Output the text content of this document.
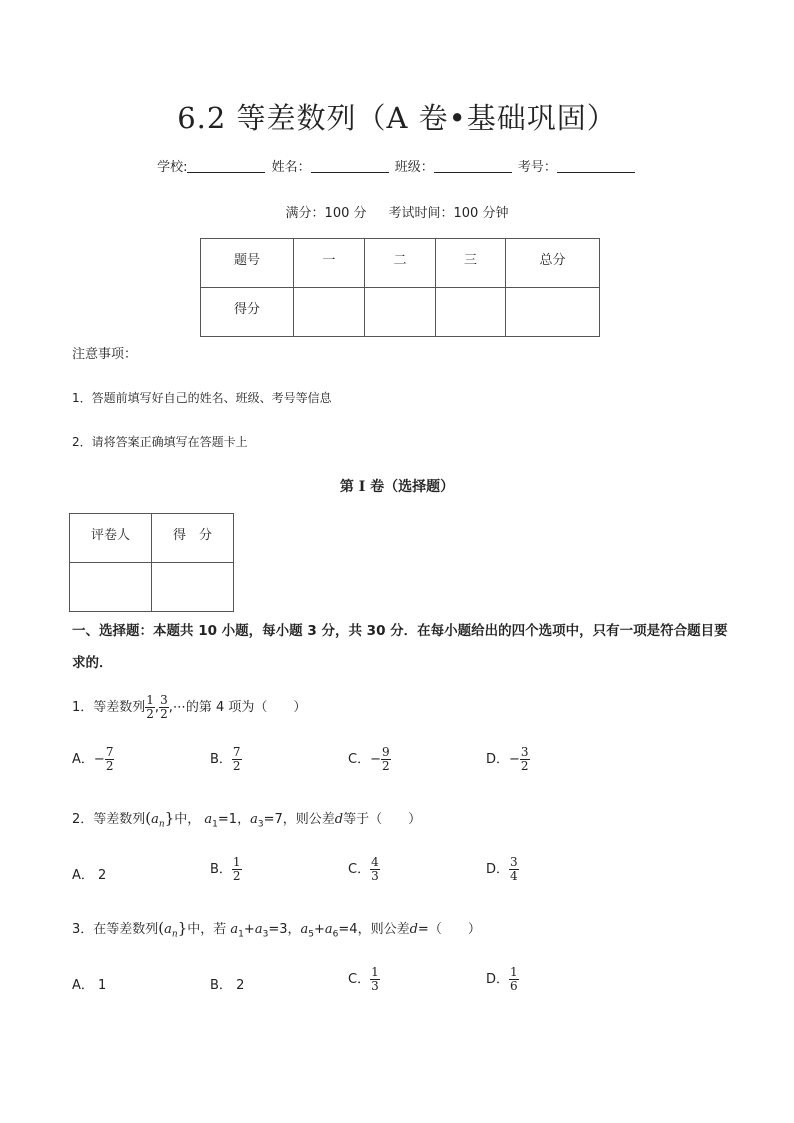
6.2 等差数列（A 卷•基础巩固）
学校:	姓名：	班级：	考号：
满分：100 分 考试时间：100 分钟
题号	一	二	三	总分
得分				
注意事项：
1．答题前填写好自己的姓名、班级、考号等信息
2．请将答案正确填写在答题卡上
第 I 卷（选择题）
评卷人	得　分

一、选择题：本题共 10 小题，每小题 3 分，共 30 分．在每小题给出的四个选项中，只有一项是符合题目要求的．
1．等差数列 $\frac{1}{2}$ , $\frac{3}{2}$ ,⋯的第 4 项为（　　）
A．− $\frac{7}{2}$	B． $\frac{7}{2}$	C．− $\frac{9}{2}$	D．− $\frac{3}{2}$
2．等差数列$(a_n\}$中， $a_1=1$，$a_3=7$，则公差d等于（　　）
A． 2	B． $\frac{1}{2}$	C． $\frac{4}{3}$	D． $\frac{3}{4}$
3．在等差数列$(a_n\}$中，若 $a_1+a_3=3$，$a_5+a_6=4$，则公差d=（　　）
A． 1	B． 2	C． $\frac{1}{3}$	D． $\frac{1}{6}$
